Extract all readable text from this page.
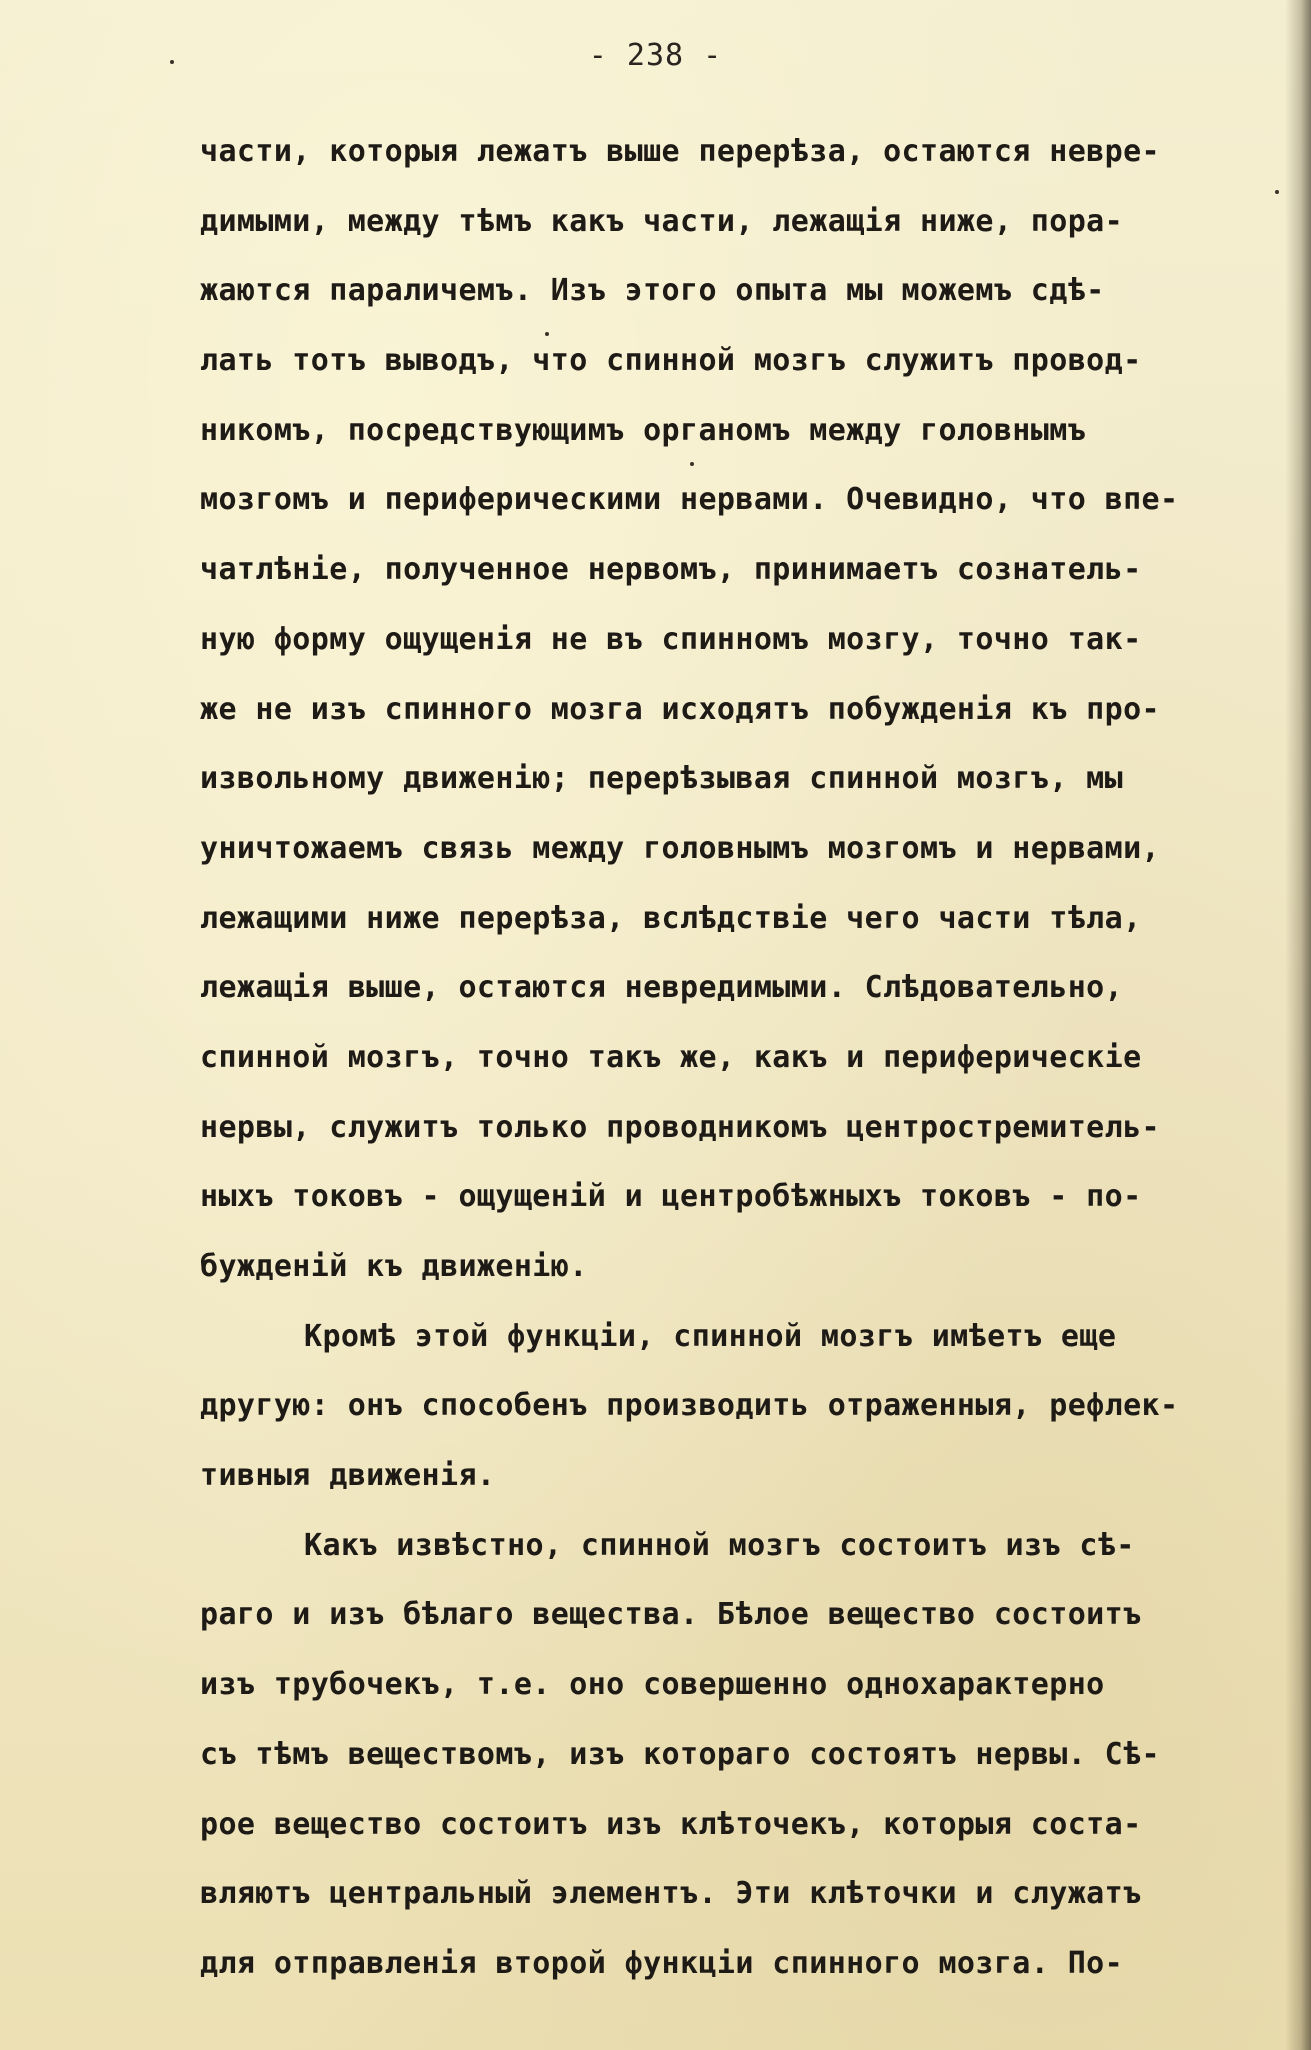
- 238 -
части, которыя лежатъ выше перерѣза, остаются невре-
димыми, между тѣмъ какъ части, лежащія ниже, пора-
жаются параличемъ. Изъ этого опыта мы можемъ сдѣ-
лать тотъ выводъ, что спинной мозгъ служитъ провод-
никомъ, посредствующимъ органомъ между головнымъ
мозгомъ и периферическими нервами. Очевидно, что впе-
чатлѣніе, полученное нервомъ, принимаетъ сознатель-
ную форму ощущенія не въ спинномъ мозгу, точно так-
же не изъ спинного мозга исходятъ побужденія къ про-
извольному движенію; перерѣзывая спинной мозгъ, мы
уничтожаемъ связь между головнымъ мозгомъ и нервами,
лежащими ниже перерѣза, вслѣдствіе чего части тѣла,
лежащія выше, остаются невредимыми. Слѣдовательно,
спинной мозгъ, точно такъ же, какъ и периферическіе
нервы, служитъ только проводникомъ центростремитель-
ныхъ токовъ - ощущеній и центробѣжныхъ токовъ - по-
бужденій къ движенію.
Кромѣ этой функціи, спинной мозгъ имѣетъ еще
другую: онъ способенъ производить отраженныя, рефлек-
тивныя движенія.
Какъ извѣстно, спинной мозгъ состоитъ изъ сѣ-
раго и изъ бѣлаго вещества. Бѣлое вещество состоитъ
изъ трубочекъ, т.е. оно совершенно однохарактерно
съ тѣмъ веществомъ, изъ котораго состоятъ нервы. Сѣ-
рое вещество состоитъ изъ клѣточекъ, которыя соста-
вляютъ центральный элементъ. Эти клѣточки и служатъ
для отправленія второй функціи спинного мозга. По-
